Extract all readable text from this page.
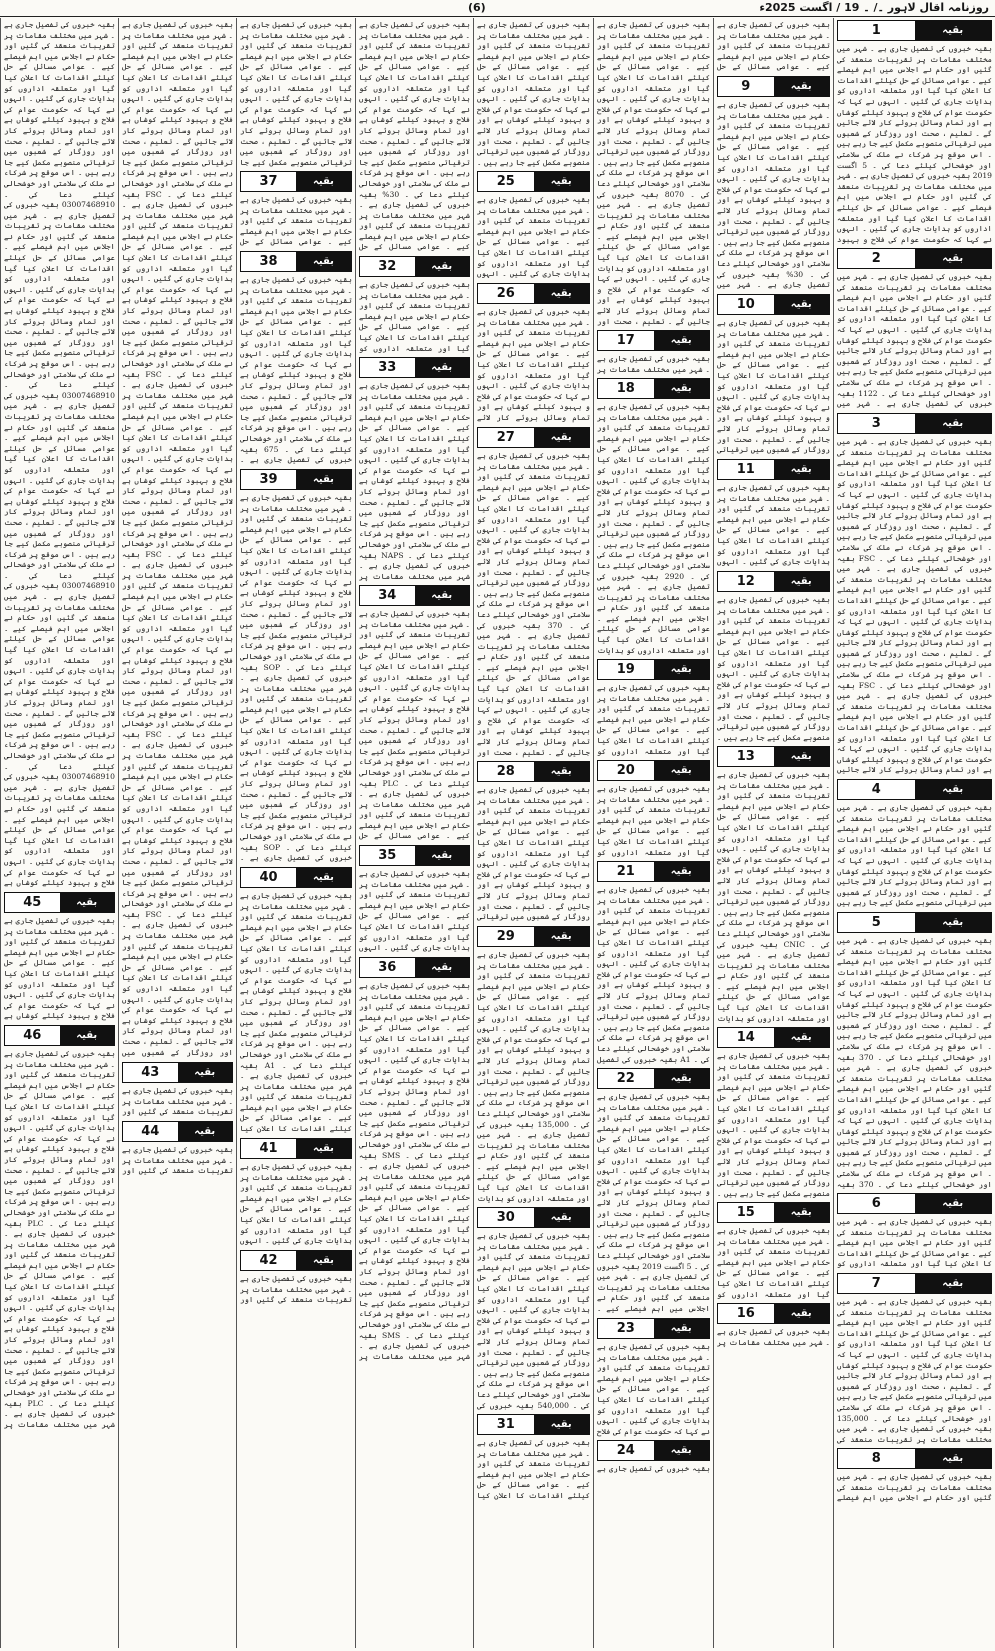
(6)	روزنامہ اقال لاہور ۔/ ۔ 19 / اگست 2025ء
بقیہ
1
بقیہ خبروں کی تفصیل جاری ہے ۔ شہر میں مختلف مقامات پر تقریبات منعقد کی گئیں اور حکام نے اجلاس میں اہم فیصلے کیے ۔ عوامی مسائل کے حل کیلئے اقدامات کا اعلان کیا گیا اور متعلقہ اداروں کو ہدایات جاری کی گئیں ۔ انہوں نے کہا کہ حکومت عوام کی فلاح و بہبود کیلئے کوشاں ہے اور تمام وسائل بروئے کار لائے جائیں گے ۔ تعلیم ، صحت اور روزگار کے شعبوں میں ترقیاتی منصوبے مکمل کیے جا رہے ہیں ۔ اس موقع پر شرکاء نے ملک کی سلامتی اور خوشحالی کیلئے دعا کی ۔ 5 اگست 2019 بقیہ خبروں کی تفصیل جاری ہے ۔ شہر میں مختلف مقامات پر تقریبات منعقد کی گئیں اور حکام نے اجلاس میں اہم فیصلے کیے ۔ عوامی مسائل کے حل کیلئے اقدامات کا اعلان کیا گیا اور متعلقہ اداروں کو ہدایات جاری کی گئیں ۔ انہوں نے کہا کہ حکومت عوام کی فلاح و بہبود
بقیہ
2
بقیہ خبروں کی تفصیل جاری ہے ۔ شہر میں مختلف مقامات پر تقریبات منعقد کی گئیں اور حکام نے اجلاس میں اہم فیصلے کیے ۔ عوامی مسائل کے حل کیلئے اقدامات کا اعلان کیا گیا اور متعلقہ اداروں کو ہدایات جاری کی گئیں ۔ انہوں نے کہا کہ حکومت عوام کی فلاح و بہبود کیلئے کوشاں ہے اور تمام وسائل بروئے کار لائے جائیں گے ۔ تعلیم ، صحت اور روزگار کے شعبوں میں ترقیاتی منصوبے مکمل کیے جا رہے ہیں ۔ اس موقع پر شرکاء نے ملک کی سلامتی اور خوشحالی کیلئے دعا کی ۔ 1122 بقیہ خبروں کی تفصیل جاری ہے ۔ شہر میں
بقیہ
3
بقیہ خبروں کی تفصیل جاری ہے ۔ شہر میں مختلف مقامات پر تقریبات منعقد کی گئیں اور حکام نے اجلاس میں اہم فیصلے کیے ۔ عوامی مسائل کے حل کیلئے اقدامات کا اعلان کیا گیا اور متعلقہ اداروں کو ہدایات جاری کی گئیں ۔ انہوں نے کہا کہ حکومت عوام کی فلاح و بہبود کیلئے کوشاں ہے اور تمام وسائل بروئے کار لائے جائیں گے ۔ تعلیم ، صحت اور روزگار کے شعبوں میں ترقیاتی منصوبے مکمل کیے جا رہے ہیں ۔ اس موقع پر شرکاء نے ملک کی سلامتی اور خوشحالی کیلئے دعا کی ۔ FSC بقیہ خبروں کی تفصیل جاری ہے ۔ شہر میں مختلف مقامات پر تقریبات منعقد کی گئیں اور حکام نے اجلاس میں اہم فیصلے کیے ۔ عوامی مسائل کے حل کیلئے اقدامات کا اعلان کیا گیا اور متعلقہ اداروں کو ہدایات جاری کی گئیں ۔ انہوں نے کہا کہ حکومت عوام کی فلاح و بہبود کیلئے کوشاں ہے اور تمام وسائل بروئے کار لائے جائیں گے ۔ تعلیم ، صحت اور روزگار کے شعبوں میں ترقیاتی منصوبے مکمل کیے جا رہے ہیں ۔ اس موقع پر شرکاء نے ملک کی سلامتی اور خوشحالی کیلئے دعا کی ۔ FSC بقیہ خبروں کی تفصیل جاری ہے ۔ شہر میں مختلف مقامات پر تقریبات منعقد کی گئیں اور حکام نے اجلاس میں اہم فیصلے کیے ۔ عوامی مسائل کے حل کیلئے اقدامات کا اعلان کیا گیا اور متعلقہ اداروں کو ہدایات جاری کی گئیں ۔ انہوں نے کہا کہ حکومت عوام کی فلاح و بہبود کیلئے کوشاں ہے اور تمام وسائل بروئے کار لائے جائیں
بقیہ
4
بقیہ خبروں کی تفصیل جاری ہے ۔ شہر میں مختلف مقامات پر تقریبات منعقد کی گئیں اور حکام نے اجلاس میں اہم فیصلے کیے ۔ عوامی مسائل کے حل کیلئے اقدامات کا اعلان کیا گیا اور متعلقہ اداروں کو ہدایات جاری کی گئیں ۔ انہوں نے کہا کہ حکومت عوام کی فلاح و بہبود کیلئے کوشاں ہے اور تمام وسائل بروئے کار لائے جائیں گے ۔ تعلیم ، صحت اور روزگار کے شعبوں میں ترقیاتی منصوبے مکمل کیے جا رہے ہیں
بقیہ
5
بقیہ خبروں کی تفصیل جاری ہے ۔ شہر میں مختلف مقامات پر تقریبات منعقد کی گئیں اور حکام نے اجلاس میں اہم فیصلے کیے ۔ عوامی مسائل کے حل کیلئے اقدامات کا اعلان کیا گیا اور متعلقہ اداروں کو ہدایات جاری کی گئیں ۔ انہوں نے کہا کہ حکومت عوام کی فلاح و بہبود کیلئے کوشاں ہے اور تمام وسائل بروئے کار لائے جائیں گے ۔ تعلیم ، صحت اور روزگار کے شعبوں میں ترقیاتی منصوبے مکمل کیے جا رہے ہیں ۔ اس موقع پر شرکاء نے ملک کی سلامتی اور خوشحالی کیلئے دعا کی ۔ 370 بقیہ خبروں کی تفصیل جاری ہے ۔ شہر میں مختلف مقامات پر تقریبات منعقد کی گئیں اور حکام نے اجلاس میں اہم فیصلے کیے ۔ عوامی مسائل کے حل کیلئے اقدامات کا اعلان کیا گیا اور متعلقہ اداروں کو ہدایات جاری کی گئیں ۔ انہوں نے کہا کہ حکومت عوام کی فلاح و بہبود کیلئے کوشاں ہے اور تمام وسائل بروئے کار لائے جائیں گے ۔ تعلیم ، صحت اور روزگار کے شعبوں میں ترقیاتی منصوبے مکمل کیے جا رہے ہیں ۔ اس موقع پر شرکاء نے ملک کی سلامتی اور خوشحالی کیلئے دعا کی ۔ 370 بقیہ
بقیہ
6
بقیہ خبروں کی تفصیل جاری ہے ۔ شہر میں مختلف مقامات پر تقریبات منعقد کی گئیں اور حکام نے اجلاس میں اہم فیصلے کیے ۔ عوامی مسائل کے حل کیلئے اقدامات کا اعلان کیا گیا اور متعلقہ اداروں کو
بقیہ
7
بقیہ خبروں کی تفصیل جاری ہے ۔ شہر میں مختلف مقامات پر تقریبات منعقد کی گئیں اور حکام نے اجلاس میں اہم فیصلے کیے ۔ عوامی مسائل کے حل کیلئے اقدامات کا اعلان کیا گیا اور متعلقہ اداروں کو ہدایات جاری کی گئیں ۔ انہوں نے کہا کہ حکومت عوام کی فلاح و بہبود کیلئے کوشاں ہے اور تمام وسائل بروئے کار لائے جائیں گے ۔ تعلیم ، صحت اور روزگار کے شعبوں میں ترقیاتی منصوبے مکمل کیے جا رہے ہیں ۔ اس موقع پر شرکاء نے ملک کی سلامتی اور خوشحالی کیلئے دعا کی ۔ 135,000 بقیہ خبروں کی تفصیل جاری ہے ۔ شہر میں مختلف مقامات پر تقریبات منعقد کی
بقیہ
8
بقیہ خبروں کی تفصیل جاری ہے ۔ شہر میں مختلف مقامات پر تقریبات منعقد کی گئیں اور حکام نے اجلاس میں اہم فیصلے
بقیہ خبروں کی تفصیل جاری ہے ۔ شہر میں مختلف مقامات پر تقریبات منعقد کی گئیں اور حکام نے اجلاس میں اہم فیصلے کیے ۔ عوامی مسائل کے حل
بقیہ
9
بقیہ خبروں کی تفصیل جاری ہے ۔ شہر میں مختلف مقامات پر تقریبات منعقد کی گئیں اور حکام نے اجلاس میں اہم فیصلے کیے ۔ عوامی مسائل کے حل کیلئے اقدامات کا اعلان کیا گیا اور متعلقہ اداروں کو ہدایات جاری کی گئیں ۔ انہوں نے کہا کہ حکومت عوام کی فلاح و بہبود کیلئے کوشاں ہے اور تمام وسائل بروئے کار لائے جائیں گے ۔ تعلیم ، صحت اور روزگار کے شعبوں میں ترقیاتی منصوبے مکمل کیے جا رہے ہیں ۔ اس موقع پر شرکاء نے ملک کی سلامتی اور خوشحالی کیلئے دعا کی ۔ 30% بقیہ خبروں کی تفصیل جاری ہے ۔ شہر میں
بقیہ
10
بقیہ خبروں کی تفصیل جاری ہے ۔ شہر میں مختلف مقامات پر تقریبات منعقد کی گئیں اور حکام نے اجلاس میں اہم فیصلے کیے ۔ عوامی مسائل کے حل کیلئے اقدامات کا اعلان کیا گیا اور متعلقہ اداروں کو ہدایات جاری کی گئیں ۔ انہوں نے کہا کہ حکومت عوام کی فلاح و بہبود کیلئے کوشاں ہے اور تمام وسائل بروئے کار لائے جائیں گے ۔ تعلیم ، صحت اور روزگار کے شعبوں میں ترقیاتی
بقیہ
11
بقیہ خبروں کی تفصیل جاری ہے ۔ شہر میں مختلف مقامات پر تقریبات منعقد کی گئیں اور حکام نے اجلاس میں اہم فیصلے کیے ۔ عوامی مسائل کے حل کیلئے اقدامات کا اعلان کیا گیا اور متعلقہ اداروں کو ہدایات جاری کی گئیں ۔ انہوں
بقیہ
12
بقیہ خبروں کی تفصیل جاری ہے ۔ شہر میں مختلف مقامات پر تقریبات منعقد کی گئیں اور حکام نے اجلاس میں اہم فیصلے کیے ۔ عوامی مسائل کے حل کیلئے اقدامات کا اعلان کیا گیا اور متعلقہ اداروں کو ہدایات جاری کی گئیں ۔ انہوں نے کہا کہ حکومت عوام کی فلاح و بہبود کیلئے کوشاں ہے اور تمام وسائل بروئے کار لائے جائیں گے ۔ تعلیم ، صحت اور روزگار کے شعبوں میں ترقیاتی منصوبے مکمل کیے جا رہے ہیں ۔
بقیہ
13
بقیہ خبروں کی تفصیل جاری ہے ۔ شہر میں مختلف مقامات پر تقریبات منعقد کی گئیں اور حکام نے اجلاس میں اہم فیصلے کیے ۔ عوامی مسائل کے حل کیلئے اقدامات کا اعلان کیا گیا اور متعلقہ اداروں کو ہدایات جاری کی گئیں ۔ انہوں نے کہا کہ حکومت عوام کی فلاح و بہبود کیلئے کوشاں ہے اور تمام وسائل بروئے کار لائے جائیں گے ۔ تعلیم ، صحت اور روزگار کے شعبوں میں ترقیاتی منصوبے مکمل کیے جا رہے ہیں ۔ اس موقع پر شرکاء نے ملک کی سلامتی اور خوشحالی کیلئے دعا کی ۔ CNIC بقیہ خبروں کی تفصیل جاری ہے ۔ شہر میں مختلف مقامات پر تقریبات منعقد کی گئیں اور حکام نے اجلاس میں اہم فیصلے کیے ۔ عوامی مسائل کے حل کیلئے اقدامات کا اعلان کیا گیا اور متعلقہ اداروں کو ہدایات
بقیہ
14
بقیہ خبروں کی تفصیل جاری ہے ۔ شہر میں مختلف مقامات پر تقریبات منعقد کی گئیں اور حکام نے اجلاس میں اہم فیصلے کیے ۔ عوامی مسائل کے حل کیلئے اقدامات کا اعلان کیا گیا اور متعلقہ اداروں کو ہدایات جاری کی گئیں ۔ انہوں نے کہا کہ حکومت عوام کی فلاح و بہبود کیلئے کوشاں ہے اور تمام وسائل بروئے کار لائے جائیں گے ۔ تعلیم ، صحت اور روزگار کے شعبوں میں ترقیاتی منصوبے مکمل کیے جا رہے ہیں ۔
بقیہ
15
بقیہ خبروں کی تفصیل جاری ہے ۔ شہر میں مختلف مقامات پر تقریبات منعقد کی گئیں اور حکام نے اجلاس میں اہم فیصلے کیے ۔ عوامی مسائل کے حل کیلئے اقدامات کا اعلان کیا گیا اور متعلقہ اداروں کو
بقیہ
16
بقیہ خبروں کی تفصیل جاری ہے ۔ شہر میں مختلف مقامات پر
بقیہ خبروں کی تفصیل جاری ہے ۔ شہر میں مختلف مقامات پر تقریبات منعقد کی گئیں اور حکام نے اجلاس میں اہم فیصلے کیے ۔ عوامی مسائل کے حل کیلئے اقدامات کا اعلان کیا گیا اور متعلقہ اداروں کو ہدایات جاری کی گئیں ۔ انہوں نے کہا کہ حکومت عوام کی فلاح و بہبود کیلئے کوشاں ہے اور تمام وسائل بروئے کار لائے جائیں گے ۔ تعلیم ، صحت اور روزگار کے شعبوں میں ترقیاتی منصوبے مکمل کیے جا رہے ہیں ۔ اس موقع پر شرکاء نے ملک کی سلامتی اور خوشحالی کیلئے دعا کی ۔ 8070 بقیہ خبروں کی تفصیل جاری ہے ۔ شہر میں مختلف مقامات پر تقریبات منعقد کی گئیں اور حکام نے اجلاس میں اہم فیصلے کیے ۔ عوامی مسائل کے حل کیلئے اقدامات کا اعلان کیا گیا اور متعلقہ اداروں کو ہدایات جاری کی گئیں ۔ انہوں نے کہا کہ حکومت عوام کی فلاح و بہبود کیلئے کوشاں ہے اور تمام وسائل بروئے کار لائے جائیں گے ۔ تعلیم ، صحت اور
بقیہ
17
بقیہ خبروں کی تفصیل جاری ہے ۔ شہر میں مختلف مقامات پر
بقیہ
18
بقیہ خبروں کی تفصیل جاری ہے ۔ شہر میں مختلف مقامات پر تقریبات منعقد کی گئیں اور حکام نے اجلاس میں اہم فیصلے کیے ۔ عوامی مسائل کے حل کیلئے اقدامات کا اعلان کیا گیا اور متعلقہ اداروں کو ہدایات جاری کی گئیں ۔ انہوں نے کہا کہ حکومت عوام کی فلاح و بہبود کیلئے کوشاں ہے اور تمام وسائل بروئے کار لائے جائیں گے ۔ تعلیم ، صحت اور روزگار کے شعبوں میں ترقیاتی منصوبے مکمل کیے جا رہے ہیں ۔ اس موقع پر شرکاء نے ملک کی سلامتی اور خوشحالی کیلئے دعا کی ۔ 2920 بقیہ خبروں کی تفصیل جاری ہے ۔ شہر میں مختلف مقامات پر تقریبات منعقد کی گئیں اور حکام نے اجلاس میں اہم فیصلے کیے ۔ عوامی مسائل کے حل کیلئے اقدامات کا اعلان کیا گیا اور متعلقہ اداروں کو ہدایات
بقیہ
19
بقیہ خبروں کی تفصیل جاری ہے ۔ شہر میں مختلف مقامات پر تقریبات منعقد کی گئیں اور حکام نے اجلاس میں اہم فیصلے کیے ۔ عوامی مسائل کے حل کیلئے اقدامات کا اعلان کیا گیا اور متعلقہ اداروں کو
بقیہ
20
بقیہ خبروں کی تفصیل جاری ہے ۔ شہر میں مختلف مقامات پر تقریبات منعقد کی گئیں اور حکام نے اجلاس میں اہم فیصلے کیے ۔ عوامی مسائل کے حل کیلئے اقدامات کا اعلان کیا گیا اور متعلقہ اداروں کو
بقیہ
21
بقیہ خبروں کی تفصیل جاری ہے ۔ شہر میں مختلف مقامات پر تقریبات منعقد کی گئیں اور حکام نے اجلاس میں اہم فیصلے کیے ۔ عوامی مسائل کے حل کیلئے اقدامات کا اعلان کیا گیا اور متعلقہ اداروں کو ہدایات جاری کی گئیں ۔ انہوں نے کہا کہ حکومت عوام کی فلاح و بہبود کیلئے کوشاں ہے اور تمام وسائل بروئے کار لائے جائیں گے ۔ تعلیم ، صحت اور روزگار کے شعبوں میں ترقیاتی منصوبے مکمل کیے جا رہے ہیں ۔ اس موقع پر شرکاء نے ملک کی سلامتی اور خوشحالی کیلئے دعا کی ۔ A1 بقیہ خبروں کی تفصیل
بقیہ
22
بقیہ خبروں کی تفصیل جاری ہے ۔ شہر میں مختلف مقامات پر تقریبات منعقد کی گئیں اور حکام نے اجلاس میں اہم فیصلے کیے ۔ عوامی مسائل کے حل کیلئے اقدامات کا اعلان کیا گیا اور متعلقہ اداروں کو ہدایات جاری کی گئیں ۔ انہوں نے کہا کہ حکومت عوام کی فلاح و بہبود کیلئے کوشاں ہے اور تمام وسائل بروئے کار لائے جائیں گے ۔ تعلیم ، صحت اور روزگار کے شعبوں میں ترقیاتی منصوبے مکمل کیے جا رہے ہیں ۔ اس موقع پر شرکاء نے ملک کی سلامتی اور خوشحالی کیلئے دعا کی ۔ 5 اگست 2019 بقیہ خبروں کی تفصیل جاری ہے ۔ شہر میں مختلف مقامات پر تقریبات منعقد کی گئیں اور حکام نے اجلاس میں اہم فیصلے کیے ۔
بقیہ
23
بقیہ خبروں کی تفصیل جاری ہے ۔ شہر میں مختلف مقامات پر تقریبات منعقد کی گئیں اور حکام نے اجلاس میں اہم فیصلے کیے ۔ عوامی مسائل کے حل کیلئے اقدامات کا اعلان کیا گیا اور متعلقہ اداروں کو ہدایات جاری کی گئیں ۔ انہوں نے کہا کہ حکومت عوام کی فلاح
بقیہ
24
بقیہ خبروں کی تفصیل جاری ہے
بقیہ خبروں کی تفصیل جاری ہے ۔ شہر میں مختلف مقامات پر تقریبات منعقد کی گئیں اور حکام نے اجلاس میں اہم فیصلے کیے ۔ عوامی مسائل کے حل کیلئے اقدامات کا اعلان کیا گیا اور متعلقہ اداروں کو ہدایات جاری کی گئیں ۔ انہوں نے کہا کہ حکومت عوام کی فلاح و بہبود کیلئے کوشاں ہے اور تمام وسائل بروئے کار لائے جائیں گے ۔ تعلیم ، صحت اور روزگار کے شعبوں میں ترقیاتی منصوبے مکمل کیے جا رہے ہیں ۔
بقیہ
25
بقیہ خبروں کی تفصیل جاری ہے ۔ شہر میں مختلف مقامات پر تقریبات منعقد کی گئیں اور حکام نے اجلاس میں اہم فیصلے کیے ۔ عوامی مسائل کے حل کیلئے اقدامات کا اعلان کیا گیا اور متعلقہ اداروں کو ہدایات جاری کی گئیں ۔ انہوں
بقیہ
26
بقیہ خبروں کی تفصیل جاری ہے ۔ شہر میں مختلف مقامات پر تقریبات منعقد کی گئیں اور حکام نے اجلاس میں اہم فیصلے کیے ۔ عوامی مسائل کے حل کیلئے اقدامات کا اعلان کیا گیا اور متعلقہ اداروں کو ہدایات جاری کی گئیں ۔ انہوں نے کہا کہ حکومت عوام کی فلاح و بہبود کیلئے کوشاں ہے اور تمام وسائل بروئے کار لائے
بقیہ
27
بقیہ خبروں کی تفصیل جاری ہے ۔ شہر میں مختلف مقامات پر تقریبات منعقد کی گئیں اور حکام نے اجلاس میں اہم فیصلے کیے ۔ عوامی مسائل کے حل کیلئے اقدامات کا اعلان کیا گیا اور متعلقہ اداروں کو ہدایات جاری کی گئیں ۔ انہوں نے کہا کہ حکومت عوام کی فلاح و بہبود کیلئے کوشاں ہے اور تمام وسائل بروئے کار لائے جائیں گے ۔ تعلیم ، صحت اور روزگار کے شعبوں میں ترقیاتی منصوبے مکمل کیے جا رہے ہیں ۔ اس موقع پر شرکاء نے ملک کی سلامتی اور خوشحالی کیلئے دعا کی ۔ 370 بقیہ خبروں کی تفصیل جاری ہے ۔ شہر میں مختلف مقامات پر تقریبات منعقد کی گئیں اور حکام نے اجلاس میں اہم فیصلے کیے ۔ عوامی مسائل کے حل کیلئے اقدامات کا اعلان کیا گیا اور متعلقہ اداروں کو ہدایات جاری کی گئیں ۔ انہوں نے کہا کہ حکومت عوام کی فلاح و بہبود کیلئے کوشاں ہے اور تمام وسائل بروئے کار لائے جائیں گے ۔ تعلیم ، صحت اور
بقیہ
28
بقیہ خبروں کی تفصیل جاری ہے ۔ شہر میں مختلف مقامات پر تقریبات منعقد کی گئیں اور حکام نے اجلاس میں اہم فیصلے کیے ۔ عوامی مسائل کے حل کیلئے اقدامات کا اعلان کیا گیا اور متعلقہ اداروں کو ہدایات جاری کی گئیں ۔ انہوں نے کہا کہ حکومت عوام کی فلاح و بہبود کیلئے کوشاں ہے اور تمام وسائل بروئے کار لائے جائیں گے ۔ تعلیم ، صحت اور روزگار کے شعبوں میں ترقیاتی
بقیہ
29
بقیہ خبروں کی تفصیل جاری ہے ۔ شہر میں مختلف مقامات پر تقریبات منعقد کی گئیں اور حکام نے اجلاس میں اہم فیصلے کیے ۔ عوامی مسائل کے حل کیلئے اقدامات کا اعلان کیا گیا اور متعلقہ اداروں کو ہدایات جاری کی گئیں ۔ انہوں نے کہا کہ حکومت عوام کی فلاح و بہبود کیلئے کوشاں ہے اور تمام وسائل بروئے کار لائے جائیں گے ۔ تعلیم ، صحت اور روزگار کے شعبوں میں ترقیاتی منصوبے مکمل کیے جا رہے ہیں ۔ اس موقع پر شرکاء نے ملک کی سلامتی اور خوشحالی کیلئے دعا کی ۔ 135,000 بقیہ خبروں کی تفصیل جاری ہے ۔ شہر میں مختلف مقامات پر تقریبات منعقد کی گئیں اور حکام نے اجلاس میں اہم فیصلے کیے ۔ عوامی مسائل کے حل کیلئے اقدامات کا اعلان کیا گیا اور متعلقہ اداروں کو ہدایات
بقیہ
30
بقیہ خبروں کی تفصیل جاری ہے ۔ شہر میں مختلف مقامات پر تقریبات منعقد کی گئیں اور حکام نے اجلاس میں اہم فیصلے کیے ۔ عوامی مسائل کے حل کیلئے اقدامات کا اعلان کیا گیا اور متعلقہ اداروں کو ہدایات جاری کی گئیں ۔ انہوں نے کہا کہ حکومت عوام کی فلاح و بہبود کیلئے کوشاں ہے اور تمام وسائل بروئے کار لائے جائیں گے ۔ تعلیم ، صحت اور روزگار کے شعبوں میں ترقیاتی منصوبے مکمل کیے جا رہے ہیں ۔ اس موقع پر شرکاء نے ملک کی سلامتی اور خوشحالی کیلئے دعا کی ۔ 540,000 بقیہ خبروں کی
بقیہ
31
بقیہ خبروں کی تفصیل جاری ہے ۔ شہر میں مختلف مقامات پر تقریبات منعقد کی گئیں اور حکام نے اجلاس میں اہم فیصلے کیے ۔ عوامی مسائل کے حل کیلئے اقدامات کا اعلان کیا
بقیہ خبروں کی تفصیل جاری ہے ۔ شہر میں مختلف مقامات پر تقریبات منعقد کی گئیں اور حکام نے اجلاس میں اہم فیصلے کیے ۔ عوامی مسائل کے حل کیلئے اقدامات کا اعلان کیا گیا اور متعلقہ اداروں کو ہدایات جاری کی گئیں ۔ انہوں نے کہا کہ حکومت عوام کی فلاح و بہبود کیلئے کوشاں ہے اور تمام وسائل بروئے کار لائے جائیں گے ۔ تعلیم ، صحت اور روزگار کے شعبوں میں ترقیاتی منصوبے مکمل کیے جا رہے ہیں ۔ اس موقع پر شرکاء نے ملک کی سلامتی اور خوشحالی کیلئے دعا کی ۔ 30% بقیہ خبروں کی تفصیل جاری ہے ۔ شہر میں مختلف مقامات پر تقریبات منعقد کی گئیں اور حکام نے اجلاس میں اہم فیصلے کیے ۔ عوامی مسائل کے حل
بقیہ
32
بقیہ خبروں کی تفصیل جاری ہے ۔ شہر میں مختلف مقامات پر تقریبات منعقد کی گئیں اور حکام نے اجلاس میں اہم فیصلے کیے ۔ عوامی مسائل کے حل کیلئے اقدامات کا اعلان کیا گیا اور متعلقہ اداروں کو
بقیہ
33
بقیہ خبروں کی تفصیل جاری ہے ۔ شہر میں مختلف مقامات پر تقریبات منعقد کی گئیں اور حکام نے اجلاس میں اہم فیصلے کیے ۔ عوامی مسائل کے حل کیلئے اقدامات کا اعلان کیا گیا اور متعلقہ اداروں کو ہدایات جاری کی گئیں ۔ انہوں نے کہا کہ حکومت عوام کی فلاح و بہبود کیلئے کوشاں ہے اور تمام وسائل بروئے کار لائے جائیں گے ۔ تعلیم ، صحت اور روزگار کے شعبوں میں ترقیاتی منصوبے مکمل کیے جا رہے ہیں ۔ اس موقع پر شرکاء نے ملک کی سلامتی اور خوشحالی کیلئے دعا کی ۔ NAPS بقیہ خبروں کی تفصیل جاری ہے ۔ شہر میں مختلف مقامات پر
بقیہ
34
بقیہ خبروں کی تفصیل جاری ہے ۔ شہر میں مختلف مقامات پر تقریبات منعقد کی گئیں اور حکام نے اجلاس میں اہم فیصلے کیے ۔ عوامی مسائل کے حل کیلئے اقدامات کا اعلان کیا گیا اور متعلقہ اداروں کو ہدایات جاری کی گئیں ۔ انہوں نے کہا کہ حکومت عوام کی فلاح و بہبود کیلئے کوشاں ہے اور تمام وسائل بروئے کار لائے جائیں گے ۔ تعلیم ، صحت اور روزگار کے شعبوں میں ترقیاتی منصوبے مکمل کیے جا رہے ہیں ۔ اس موقع پر شرکاء نے ملک کی سلامتی اور خوشحالی کیلئے دعا کی ۔ PLC بقیہ خبروں کی تفصیل جاری ہے ۔ شہر میں مختلف مقامات پر تقریبات منعقد کی گئیں اور حکام نے اجلاس میں اہم فیصلے کیے ۔ عوامی مسائل کے حل
بقیہ
35
بقیہ خبروں کی تفصیل جاری ہے ۔ شہر میں مختلف مقامات پر تقریبات منعقد کی گئیں اور حکام نے اجلاس میں اہم فیصلے کیے ۔ عوامی مسائل کے حل کیلئے اقدامات کا اعلان کیا گیا اور متعلقہ اداروں کو ہدایات جاری کی گئیں ۔ انہوں
بقیہ
36
بقیہ خبروں کی تفصیل جاری ہے ۔ شہر میں مختلف مقامات پر تقریبات منعقد کی گئیں اور حکام نے اجلاس میں اہم فیصلے کیے ۔ عوامی مسائل کے حل کیلئے اقدامات کا اعلان کیا گیا اور متعلقہ اداروں کو ہدایات جاری کی گئیں ۔ انہوں نے کہا کہ حکومت عوام کی فلاح و بہبود کیلئے کوشاں ہے اور تمام وسائل بروئے کار لائے جائیں گے ۔ تعلیم ، صحت اور روزگار کے شعبوں میں ترقیاتی منصوبے مکمل کیے جا رہے ہیں ۔ اس موقع پر شرکاء نے ملک کی سلامتی اور خوشحالی کیلئے دعا کی ۔ SMS بقیہ خبروں کی تفصیل جاری ہے ۔ شہر میں مختلف مقامات پر تقریبات منعقد کی گئیں اور حکام نے اجلاس میں اہم فیصلے کیے ۔ عوامی مسائل کے حل کیلئے اقدامات کا اعلان کیا گیا اور متعلقہ اداروں کو ہدایات جاری کی گئیں ۔ انہوں نے کہا کہ حکومت عوام کی فلاح و بہبود کیلئے کوشاں ہے اور تمام وسائل بروئے کار لائے جائیں گے ۔ تعلیم ، صحت اور روزگار کے شعبوں میں ترقیاتی منصوبے مکمل کیے جا رہے ہیں ۔ اس موقع پر شرکاء نے ملک کی سلامتی اور خوشحالی کیلئے دعا کی ۔ SMS بقیہ خبروں کی تفصیل جاری ہے ۔ شہر میں مختلف مقامات پر
بقیہ خبروں کی تفصیل جاری ہے ۔ شہر میں مختلف مقامات پر تقریبات منعقد کی گئیں اور حکام نے اجلاس میں اہم فیصلے کیے ۔ عوامی مسائل کے حل کیلئے اقدامات کا اعلان کیا گیا اور متعلقہ اداروں کو ہدایات جاری کی گئیں ۔ انہوں نے کہا کہ حکومت عوام کی فلاح و بہبود کیلئے کوشاں ہے اور تمام وسائل بروئے کار لائے جائیں گے ۔ تعلیم ، صحت اور روزگار کے شعبوں میں ترقیاتی منصوبے مکمل کیے جا
بقیہ
37
بقیہ خبروں کی تفصیل جاری ہے ۔ شہر میں مختلف مقامات پر تقریبات منعقد کی گئیں اور حکام نے اجلاس میں اہم فیصلے کیے ۔ عوامی مسائل کے حل
بقیہ
38
بقیہ خبروں کی تفصیل جاری ہے ۔ شہر میں مختلف مقامات پر تقریبات منعقد کی گئیں اور حکام نے اجلاس میں اہم فیصلے کیے ۔ عوامی مسائل کے حل کیلئے اقدامات کا اعلان کیا گیا اور متعلقہ اداروں کو ہدایات جاری کی گئیں ۔ انہوں نے کہا کہ حکومت عوام کی فلاح و بہبود کیلئے کوشاں ہے اور تمام وسائل بروئے کار لائے جائیں گے ۔ تعلیم ، صحت اور روزگار کے شعبوں میں ترقیاتی منصوبے مکمل کیے جا رہے ہیں ۔ اس موقع پر شرکاء نے ملک کی سلامتی اور خوشحالی کیلئے دعا کی ۔ 675 بقیہ خبروں کی تفصیل جاری ہے ۔
بقیہ
39
بقیہ خبروں کی تفصیل جاری ہے ۔ شہر میں مختلف مقامات پر تقریبات منعقد کی گئیں اور حکام نے اجلاس میں اہم فیصلے کیے ۔ عوامی مسائل کے حل کیلئے اقدامات کا اعلان کیا گیا اور متعلقہ اداروں کو ہدایات جاری کی گئیں ۔ انہوں نے کہا کہ حکومت عوام کی فلاح و بہبود کیلئے کوشاں ہے اور تمام وسائل بروئے کار لائے جائیں گے ۔ تعلیم ، صحت اور روزگار کے شعبوں میں ترقیاتی منصوبے مکمل کیے جا رہے ہیں ۔ اس موقع پر شرکاء نے ملک کی سلامتی اور خوشحالی کیلئے دعا کی ۔ SOP بقیہ خبروں کی تفصیل جاری ہے ۔ شہر میں مختلف مقامات پر تقریبات منعقد کی گئیں اور حکام نے اجلاس میں اہم فیصلے کیے ۔ عوامی مسائل کے حل کیلئے اقدامات کا اعلان کیا گیا اور متعلقہ اداروں کو ہدایات جاری کی گئیں ۔ انہوں نے کہا کہ حکومت عوام کی فلاح و بہبود کیلئے کوشاں ہے اور تمام وسائل بروئے کار لائے جائیں گے ۔ تعلیم ، صحت اور روزگار کے شعبوں میں ترقیاتی منصوبے مکمل کیے جا رہے ہیں ۔ اس موقع پر شرکاء نے ملک کی سلامتی اور خوشحالی کیلئے دعا کی ۔ SOP بقیہ خبروں کی تفصیل جاری ہے ۔
بقیہ
40
بقیہ خبروں کی تفصیل جاری ہے ۔ شہر میں مختلف مقامات پر تقریبات منعقد کی گئیں اور حکام نے اجلاس میں اہم فیصلے کیے ۔ عوامی مسائل کے حل کیلئے اقدامات کا اعلان کیا گیا اور متعلقہ اداروں کو ہدایات جاری کی گئیں ۔ انہوں نے کہا کہ حکومت عوام کی فلاح و بہبود کیلئے کوشاں ہے اور تمام وسائل بروئے کار لائے جائیں گے ۔ تعلیم ، صحت اور روزگار کے شعبوں میں ترقیاتی منصوبے مکمل کیے جا رہے ہیں ۔ اس موقع پر شرکاء نے ملک کی سلامتی اور خوشحالی کیلئے دعا کی ۔ A1 بقیہ خبروں کی تفصیل جاری ہے ۔ شہر میں مختلف مقامات پر تقریبات منعقد کی گئیں اور حکام نے اجلاس میں اہم فیصلے کیے ۔ عوامی مسائل کے حل کیلئے اقدامات کا اعلان کیا
بقیہ
41
بقیہ خبروں کی تفصیل جاری ہے ۔ شہر میں مختلف مقامات پر تقریبات منعقد کی گئیں اور حکام نے اجلاس میں اہم فیصلے کیے ۔ عوامی مسائل کے حل کیلئے اقدامات کا اعلان کیا گیا اور متعلقہ اداروں کو ہدایات جاری کی گئیں ۔ انہوں
بقیہ
42
بقیہ خبروں کی تفصیل جاری ہے ۔ شہر میں مختلف مقامات پر تقریبات منعقد کی گئیں اور
بقیہ خبروں کی تفصیل جاری ہے ۔ شہر میں مختلف مقامات پر تقریبات منعقد کی گئیں اور حکام نے اجلاس میں اہم فیصلے کیے ۔ عوامی مسائل کے حل کیلئے اقدامات کا اعلان کیا گیا اور متعلقہ اداروں کو ہدایات جاری کی گئیں ۔ انہوں نے کہا کہ حکومت عوام کی فلاح و بہبود کیلئے کوشاں ہے اور تمام وسائل بروئے کار لائے جائیں گے ۔ تعلیم ، صحت اور روزگار کے شعبوں میں ترقیاتی منصوبے مکمل کیے جا رہے ہیں ۔ اس موقع پر شرکاء نے ملک کی سلامتی اور خوشحالی کیلئے دعا کی ۔ FSC بقیہ خبروں کی تفصیل جاری ہے ۔ شہر میں مختلف مقامات پر تقریبات منعقد کی گئیں اور حکام نے اجلاس میں اہم فیصلے کیے ۔ عوامی مسائل کے حل کیلئے اقدامات کا اعلان کیا گیا اور متعلقہ اداروں کو ہدایات جاری کی گئیں ۔ انہوں نے کہا کہ حکومت عوام کی فلاح و بہبود کیلئے کوشاں ہے اور تمام وسائل بروئے کار لائے جائیں گے ۔ تعلیم ، صحت اور روزگار کے شعبوں میں ترقیاتی منصوبے مکمل کیے جا رہے ہیں ۔ اس موقع پر شرکاء نے ملک کی سلامتی اور خوشحالی کیلئے دعا کی ۔ FSC بقیہ خبروں کی تفصیل جاری ہے ۔ شہر میں مختلف مقامات پر تقریبات منعقد کی گئیں اور حکام نے اجلاس میں اہم فیصلے کیے ۔ عوامی مسائل کے حل کیلئے اقدامات کا اعلان کیا گیا اور متعلقہ اداروں کو ہدایات جاری کی گئیں ۔ انہوں نے کہا کہ حکومت عوام کی فلاح و بہبود کیلئے کوشاں ہے اور تمام وسائل بروئے کار لائے جائیں گے ۔ تعلیم ، صحت اور روزگار کے شعبوں میں ترقیاتی منصوبے مکمل کیے جا رہے ہیں ۔ اس موقع پر شرکاء نے ملک کی سلامتی اور خوشحالی کیلئے دعا کی ۔ FSC بقیہ خبروں کی تفصیل جاری ہے ۔ شہر میں مختلف مقامات پر تقریبات منعقد کی گئیں اور حکام نے اجلاس میں اہم فیصلے کیے ۔ عوامی مسائل کے حل کیلئے اقدامات کا اعلان کیا گیا اور متعلقہ اداروں کو ہدایات جاری کی گئیں ۔ انہوں نے کہا کہ حکومت عوام کی فلاح و بہبود کیلئے کوشاں ہے اور تمام وسائل بروئے کار لائے جائیں گے ۔ تعلیم ، صحت اور روزگار کے شعبوں میں ترقیاتی منصوبے مکمل کیے جا رہے ہیں ۔ اس موقع پر شرکاء نے ملک کی سلامتی اور خوشحالی کیلئے دعا کی ۔ FSC بقیہ خبروں کی تفصیل جاری ہے ۔ شہر میں مختلف مقامات پر تقریبات منعقد کی گئیں اور حکام نے اجلاس میں اہم فیصلے کیے ۔ عوامی مسائل کے حل کیلئے اقدامات کا اعلان کیا گیا اور متعلقہ اداروں کو ہدایات جاری کی گئیں ۔ انہوں نے کہا کہ حکومت عوام کی فلاح و بہبود کیلئے کوشاں ہے اور تمام وسائل بروئے کار لائے جائیں گے ۔ تعلیم ، صحت اور روزگار کے شعبوں میں ترقیاتی منصوبے مکمل کیے جا رہے ہیں ۔ اس موقع پر شرکاء نے ملک کی سلامتی اور خوشحالی کیلئے دعا کی ۔ FSC بقیہ خبروں کی تفصیل جاری ہے ۔ شہر میں مختلف مقامات پر تقریبات منعقد کی گئیں اور حکام نے اجلاس میں اہم فیصلے کیے ۔ عوامی مسائل کے حل کیلئے اقدامات کا اعلان کیا گیا اور متعلقہ اداروں کو ہدایات جاری کی گئیں ۔ انہوں نے کہا کہ حکومت عوام کی فلاح و بہبود کیلئے کوشاں ہے اور تمام وسائل بروئے کار لائے جائیں گے ۔ تعلیم ، صحت اور روزگار کے شعبوں میں
بقیہ
43
بقیہ خبروں کی تفصیل جاری ہے ۔ شہر میں مختلف مقامات پر تقریبات منعقد کی گئیں اور
بقیہ
44
بقیہ خبروں کی تفصیل جاری ہے ۔ شہر میں مختلف مقامات پر تقریبات منعقد کی گئیں اور
بقیہ خبروں کی تفصیل جاری ہے ۔ شہر میں مختلف مقامات پر تقریبات منعقد کی گئیں اور حکام نے اجلاس میں اہم فیصلے کیے ۔ عوامی مسائل کے حل کیلئے اقدامات کا اعلان کیا گیا اور متعلقہ اداروں کو ہدایات جاری کی گئیں ۔ انہوں نے کہا کہ حکومت عوام کی فلاح و بہبود کیلئے کوشاں ہے اور تمام وسائل بروئے کار لائے جائیں گے ۔ تعلیم ، صحت اور روزگار کے شعبوں میں ترقیاتی منصوبے مکمل کیے جا رہے ہیں ۔ اس موقع پر شرکاء نے ملک کی سلامتی اور خوشحالی کیلئے دعا کی ۔ 03007468910 بقیہ خبروں کی تفصیل جاری ہے ۔ شہر میں مختلف مقامات پر تقریبات منعقد کی گئیں اور حکام نے اجلاس میں اہم فیصلے کیے ۔ عوامی مسائل کے حل کیلئے اقدامات کا اعلان کیا گیا اور متعلقہ اداروں کو ہدایات جاری کی گئیں ۔ انہوں نے کہا کہ حکومت عوام کی فلاح و بہبود کیلئے کوشاں ہے اور تمام وسائل بروئے کار لائے جائیں گے ۔ تعلیم ، صحت اور روزگار کے شعبوں میں ترقیاتی منصوبے مکمل کیے جا رہے ہیں ۔ اس موقع پر شرکاء نے ملک کی سلامتی اور خوشحالی کیلئے دعا کی ۔ 03007468910 بقیہ خبروں کی تفصیل جاری ہے ۔ شہر میں مختلف مقامات پر تقریبات منعقد کی گئیں اور حکام نے اجلاس میں اہم فیصلے کیے ۔ عوامی مسائل کے حل کیلئے اقدامات کا اعلان کیا گیا اور متعلقہ اداروں کو ہدایات جاری کی گئیں ۔ انہوں نے کہا کہ حکومت عوام کی فلاح و بہبود کیلئے کوشاں ہے اور تمام وسائل بروئے کار لائے جائیں گے ۔ تعلیم ، صحت اور روزگار کے شعبوں میں ترقیاتی منصوبے مکمل کیے جا رہے ہیں ۔ اس موقع پر شرکاء نے ملک کی سلامتی اور خوشحالی کیلئے دعا کی ۔ 03007468910 بقیہ خبروں کی تفصیل جاری ہے ۔ شہر میں مختلف مقامات پر تقریبات منعقد کی گئیں اور حکام نے اجلاس میں اہم فیصلے کیے ۔ عوامی مسائل کے حل کیلئے اقدامات کا اعلان کیا گیا اور متعلقہ اداروں کو ہدایات جاری کی گئیں ۔ انہوں نے کہا کہ حکومت عوام کی فلاح و بہبود کیلئے کوشاں ہے اور تمام وسائل بروئے کار لائے جائیں گے ۔ تعلیم ، صحت اور روزگار کے شعبوں میں ترقیاتی منصوبے مکمل کیے جا رہے ہیں ۔ اس موقع پر شرکاء نے ملک کی سلامتی اور خوشحالی کیلئے دعا کی ۔ 03007468910 بقیہ خبروں کی تفصیل جاری ہے ۔ شہر میں مختلف مقامات پر تقریبات منعقد کی گئیں اور حکام نے اجلاس میں اہم فیصلے کیے ۔ عوامی مسائل کے حل کیلئے اقدامات کا اعلان کیا گیا اور متعلقہ اداروں کو ہدایات جاری کی گئیں ۔ انہوں نے کہا کہ حکومت عوام کی فلاح و بہبود کیلئے کوشاں ہے
بقیہ
45
بقیہ خبروں کی تفصیل جاری ہے ۔ شہر میں مختلف مقامات پر تقریبات منعقد کی گئیں اور حکام نے اجلاس میں اہم فیصلے کیے ۔ عوامی مسائل کے حل کیلئے اقدامات کا اعلان کیا گیا اور متعلقہ اداروں کو ہدایات جاری کی گئیں ۔ انہوں نے کہا کہ حکومت عوام کی فلاح و بہبود کیلئے کوشاں ہے
بقیہ
46
بقیہ خبروں کی تفصیل جاری ہے ۔ شہر میں مختلف مقامات پر تقریبات منعقد کی گئیں اور حکام نے اجلاس میں اہم فیصلے کیے ۔ عوامی مسائل کے حل کیلئے اقدامات کا اعلان کیا گیا اور متعلقہ اداروں کو ہدایات جاری کی گئیں ۔ انہوں نے کہا کہ حکومت عوام کی فلاح و بہبود کیلئے کوشاں ہے اور تمام وسائل بروئے کار لائے جائیں گے ۔ تعلیم ، صحت اور روزگار کے شعبوں میں ترقیاتی منصوبے مکمل کیے جا رہے ہیں ۔ اس موقع پر شرکاء نے ملک کی سلامتی اور خوشحالی کیلئے دعا کی ۔ PLC بقیہ خبروں کی تفصیل جاری ہے ۔ شہر میں مختلف مقامات پر تقریبات منعقد کی گئیں اور حکام نے اجلاس میں اہم فیصلے کیے ۔ عوامی مسائل کے حل کیلئے اقدامات کا اعلان کیا گیا اور متعلقہ اداروں کو ہدایات جاری کی گئیں ۔ انہوں نے کہا کہ حکومت عوام کی فلاح و بہبود کیلئے کوشاں ہے اور تمام وسائل بروئے کار لائے جائیں گے ۔ تعلیم ، صحت اور روزگار کے شعبوں میں ترقیاتی منصوبے مکمل کیے جا رہے ہیں ۔ اس موقع پر شرکاء نے ملک کی سلامتی اور خوشحالی کیلئے دعا کی ۔ PLC بقیہ خبروں کی تفصیل جاری ہے ۔ شہر میں مختلف مقامات پر
